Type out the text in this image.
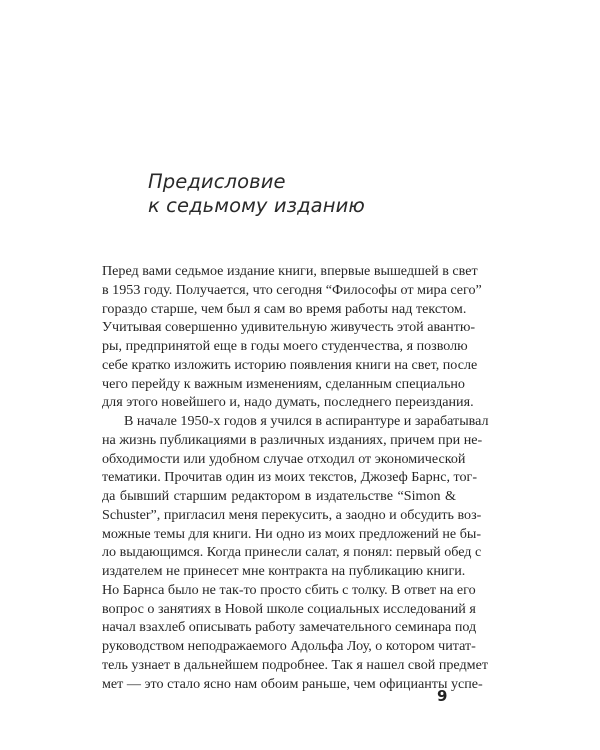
Предисловие
к седьмому изданию
Перед вами седьмое издание книги, впервые вышедшей в свет
в 1953 году. Получается, что сегодня “Философы от мира сего”
гораздо старше, чем был я сам во время работы над текстом.
Учитывая совершенно удивительную живучесть этой авантю-
ры, предпринятой еще в годы моего студенчества, я позволю
себе кратко изложить историю появления книги на свет, после
чего перейду к важным изменениям, сделанным специально
для этого новейшего и, надо думать, последнего переиздания.
В начале 1950-х годов я учился в аспирантуре и зарабатывал
на жизнь публикациями в различных изданиях, причем при не-
обходимости или удобном случае отходил от экономической
тематики. Прочитав один из моих текстов, Джозеф Барнс, тог-
да бывший старшим редактором в издательстве “Simon &
Schuster”, пригласил меня перекусить, а заодно и обсудить воз-
можные темы для книги. Ни одно из моих предложений не бы-
ло выдающимся. Когда принесли салат, я понял: первый обед с
издателем не принесет мне контракта на публикацию книги.
Но Барнса было не так-то просто сбить с толку. В ответ на его
вопрос о занятиях в Новой школе социальных исследований я
начал взахлеб описывать работу замечательного семинара под
руководством неподражаемого Адольфа Лоу, о котором читат-
тель узнает в дальнейшем подробнее. Так я нашел свой предмет
мет — это стало ясно нам обоим раньше, чем официанты успе-
9
